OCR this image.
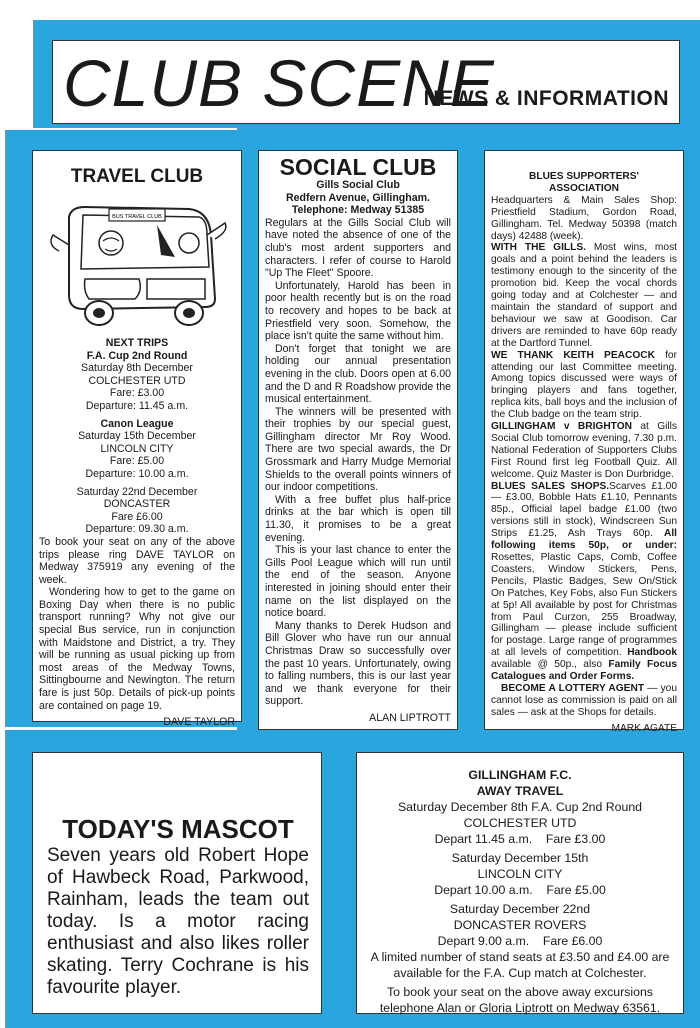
CLUB SCENE
NEWS & INFORMATION
TRAVEL CLUB
BUS TRAVEL CLUB
NEXT TRIPS
F.A. Cup 2nd Round
Saturday 8th December
COLCHESTER UTD
Fare: £3.00
Departure: 11.45 a.m.
Canon League
Saturday 15th December
LINCOLN CITY
Fare: £5.00
Departure: 10.00 a.m.
Saturday 22nd December
DONCASTER
Fare £6.00
Departure: 09.30 a.m.

To book your seat on any of the above trips please ring DAVE TAYLOR on Medway 375919 any evening of the week.

Wondering how to get to the game on Boxing Day when there is no public transport running? Why not give our special Bus service, run in conjunction with Maidstone and District, a try. They will be running as usual picking up from most areas of the Medway Towns, Sittingbourne and Newington. The return fare is just 50p. Details of pick-up points are contained on page 19.

DAVE TAYLOR
SOCIAL CLUB
Gills Social Club
Redfern Avenue, Gillingham.
Telephone: Medway 51385

Regulars at the Gills Social Club will have noted the absence of one of the club's most ardent supporters and characters. I refer of course to Harold "Up The Fleet" Spoore.

Unfortunately, Harold has been in poor health recently but is on the road to recovery and hopes to be back at Priestfield very soon. Somehow, the place isn't quite the same without him.

Don't forget that tonight we are holding our annual presentation evening in the club. Doors open at 6.00 and the D and R Roadshow provide the musical entertainment.

The winners will be presented with their trophies by our special guest, Gillingham director Mr Roy Wood. There are two special awards, the Dr Grossmark and Harry Mudge Memorial Shields to the overall points winners of our indoor competitions.

With a free buffet plus half-price drinks at the bar which is open till 11.30, it promises to be a great evening.

This is your last chance to enter the Gills Pool League which will run until the end of the season. Anyone interested in joining should enter their name on the list displayed on the notice board.

Many thanks to Derek Hudson and Bill Glover who have run our annual Christmas Draw so successfully over the past 10 years. Unfortunately, owing to falling numbers, this is our last year and we thank everyone for their support.

ALAN LIPTROTT
BLUES SUPPORTERS'
ASSOCIATION

Headquarters & Main Sales Shop: Priestfield Stadium, Gordon Road, Gillingham. Tel. Medway 50398 (match days) 42488 (week).

WITH THE GILLS. Most wins, most goals and a point behind the leaders is testimony enough to the sincerity of the promotion bid. Keep the vocal chords going today and at Colchester — and maintain the standard of support and behaviour we saw at Goodison. Car drivers are reminded to have 60p ready at the Dartford Tunnel.

WE THANK KEITH PEACOCK for attending our last Committee meeting. Among topics discussed were ways of bringing players and fans together, replica kits, ball boys and the inclusion of the Club badge on the team strip.

GILLINGHAM v BRIGHTON at Gills Social Club tomorrow evening, 7.30 p.m. National Federation of Supporters Clubs First Round first leg Football Quiz. All welcome. Quiz Master is Don Durbridge.

BLUES SALES SHOPS.Scarves £1.00 — £3.00, Bobble Hats £1.10, Pennants 85p., Official lapel badge £1.00 (two versions still in stock), Windscreen Sun Strips £1.25, Ash Trays 60p. All following items 50p, or under: Rosettes, Plastic Caps, Comb, Coffee Coasters, Window Stickers, Pens, Pencils, Plastic Badges, Sew On/Stick On Patches, Key Fobs, also Fun Stickers at 5p! All available by post for Christmas from Paul Curzon, 255 Broadway, Gillingham — please include sufficient for postage. Large range of programmes at all levels of competition. Handbook available @ 50p., also Family Focus Catalogues and Order Forms.

BECOME A LOTTERY AGENT — you cannot lose as commission is paid on all sales — ask at the Shops for details.

MARK AGATE
TODAY'S MASCOT
Seven years old Robert Hope of Hawbeck Road, Parkwood, Rainham, leads the team out today. Is a motor racing enthusiast and also likes roller skating. Terry Cochrane is his favourite player.
GILLINGHAM F.C.
AWAY TRAVEL
Saturday December 8th F.A. Cup 2nd Round
COLCHESTER UTD
Depart 11.45 a.m. Fare £3.00
Saturday December 15th
LINCOLN CITY
Depart 10.00 a.m. Fare £5.00
Saturday December 22nd
DONCASTER ROVERS
Depart 9.00 a.m. Fare £6.00
A limited number of stand seats at £3.50 and £4.00 are available for the F.A. Cup match at Colchester.
To book your seat on the above away excursions telephone Alan or Gloria Liptrott on Medway 63561.
